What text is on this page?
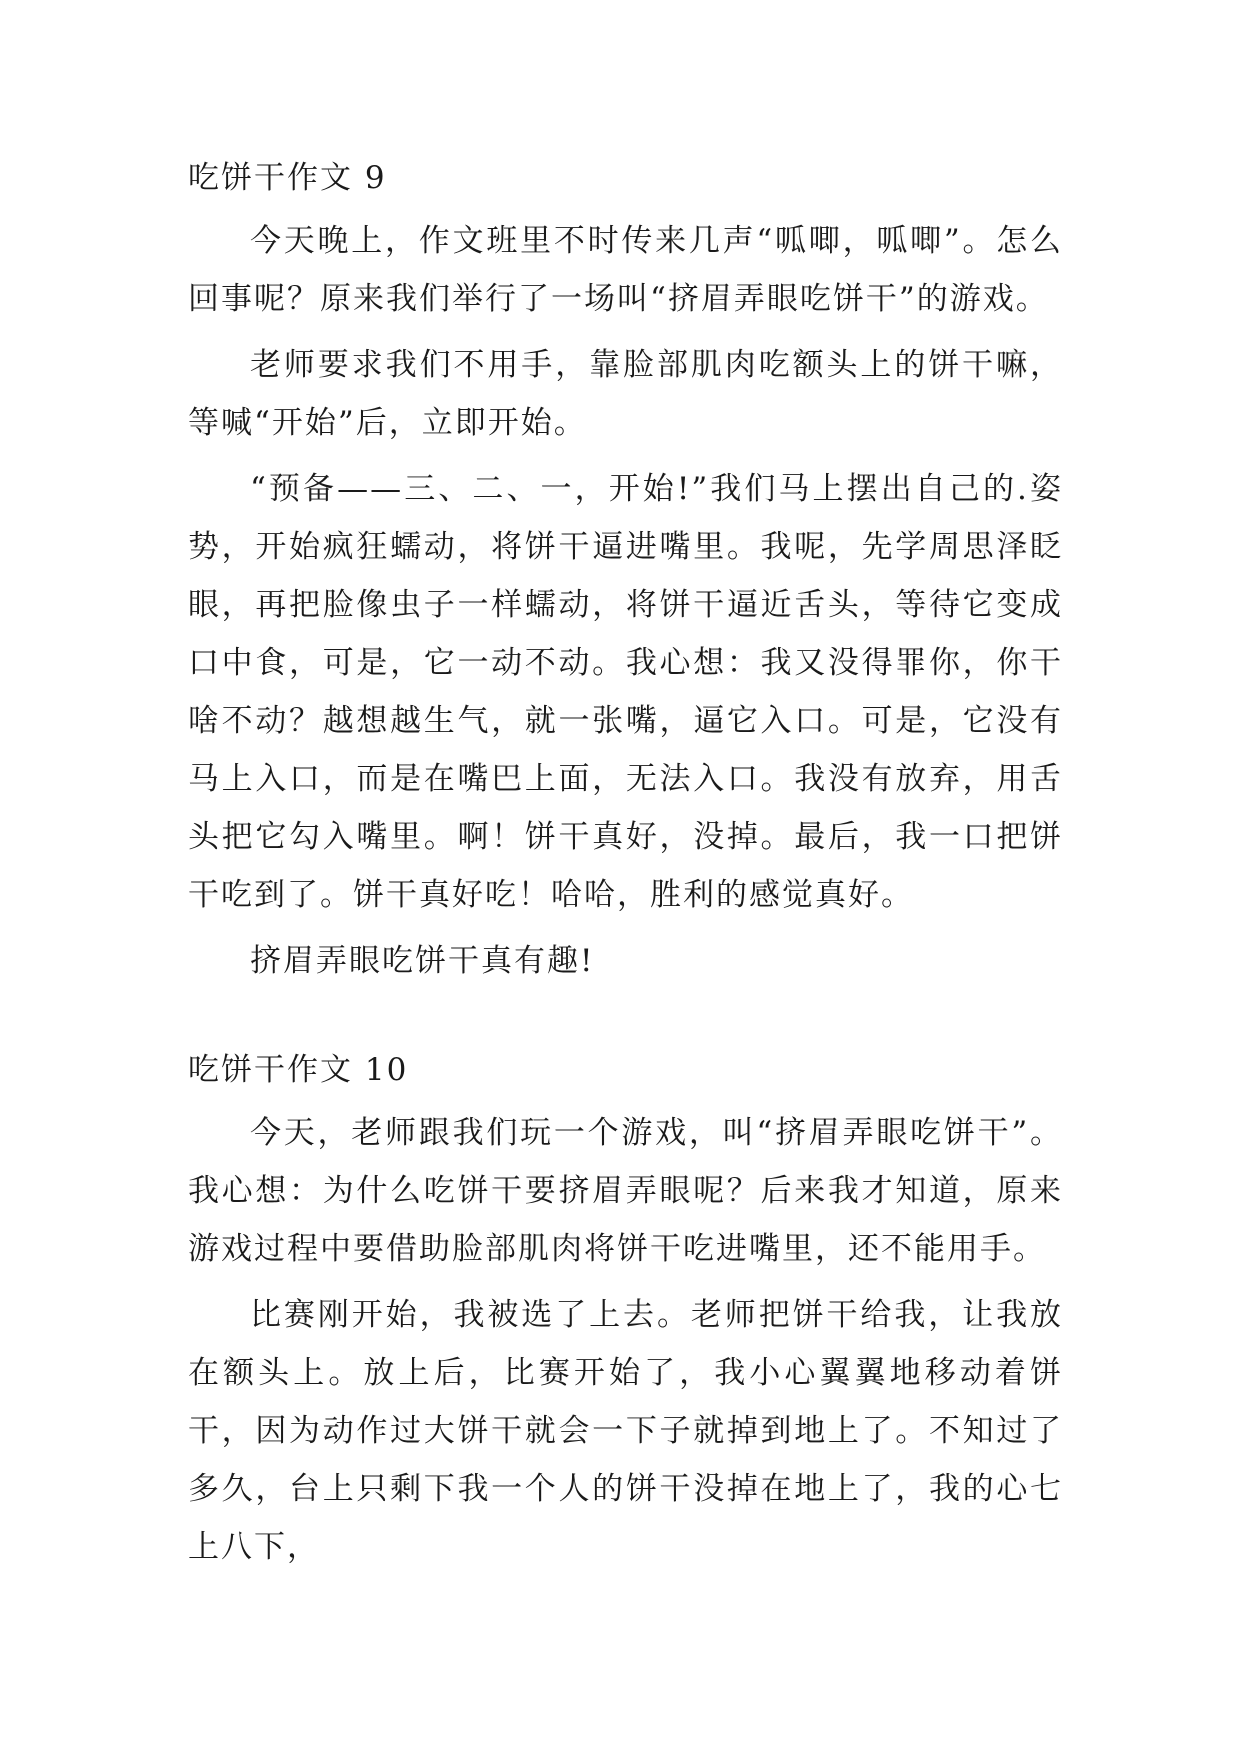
吃饼干作文 9

今天晚上，作文班里不时传来几声“呱唧，呱唧”。怎么回事呢？原来我们举行了一场叫“挤眉弄眼吃饼干”的游戏。

老师要求我们不用手，靠脸部肌肉吃额头上的饼干嘛，等喊“开始”后，立即开始。

“预备——三、二、一，开始!”我们马上摆出自己的.姿势，开始疯狂蠕动，将饼干逼进嘴里。我呢，先学周思泽眨眼，再把脸像虫子一样蠕动，将饼干逼近舌头，等待它变成口中食，可是，它一动不动。我心想：我又没得罪你，你干啥不动？越想越生气，就一张嘴，逼它入口。可是，它没有马上入口，而是在嘴巴上面，无法入口。我没有放弃，用舌头把它勾入嘴里。啊！饼干真好，没掉。最后，我一口把饼干吃到了。饼干真好吃！哈哈，胜利的感觉真好。

挤眉弄眼吃饼干真有趣!

吃饼干作文 10

今天，老师跟我们玩一个游戏，叫“挤眉弄眼吃饼干”。我心想：为什么吃饼干要挤眉弄眼呢？后来我才知道，原来游戏过程中要借助脸部肌肉将饼干吃进嘴里，还不能用手。

比赛刚开始，我被选了上去。老师把饼干给我，让我放在额头上。放上后，比赛开始了，我小心翼翼地移动着饼干，因为动作过大饼干就会一下子就掉到地上了。不知过了多久，台上只剩下我一个人的饼干没掉在地上了，我的心七上八下，
